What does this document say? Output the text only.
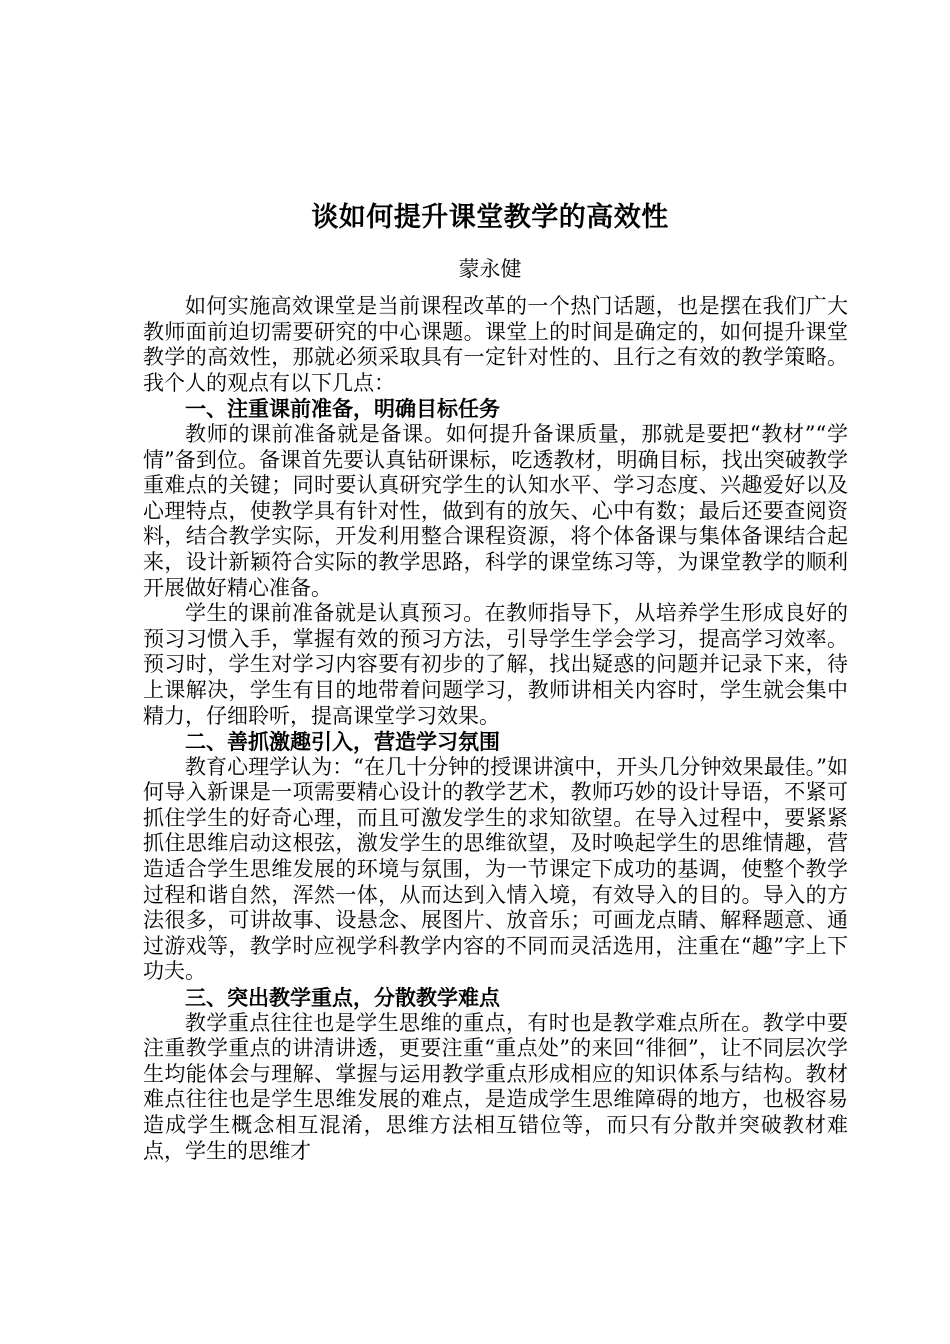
谈如何提升课堂教学的高效性
蒙永健

如何实施高效课堂是当前课程改革的一个热门话题，也是摆在我们广大教师面前迫切需要研究的中心课题。课堂上的时间是确定的，如何提升课堂教学的高效性，那就必须采取具有一定针对性的、且行之有效的教学策略。我个人的观点有以下几点：

一、注重课前准备，明确目标任务

教师的课前准备就是备课。如何提升备课质量，那就是要把“教材”“学情”备到位。备课首先要认真钻研课标，吃透教材，明确目标，找出突破教学重难点的关键；同时要认真研究学生的认知水平、学习态度、兴趣爱好以及心理特点，使教学具有针对性，做到有的放矢、心中有数；最后还要查阅资料，结合教学实际，开发利用整合课程资源，将个体备课与集体备课结合起来，设计新颖符合实际的教学思路，科学的课堂练习等，为课堂教学的顺利开展做好精心准备。

学生的课前准备就是认真预习。在教师指导下，从培养学生形成良好的预习习惯入手，掌握有效的预习方法，引导学生学会学习，提高学习效率。预习时，学生对学习内容要有初步的了解，找出疑惑的问题并记录下来，待上课解决，学生有目的地带着问题学习，教师讲相关内容时，学生就会集中精力，仔细聆听，提高课堂学习效果。

二、善抓激趣引入，营造学习氛围

教育心理学认为：“在几十分钟的授课讲演中，开头几分钟效果最佳。”如何导入新课是一项需要精心设计的教学艺术，教师巧妙的设计导语，不紧可抓住学生的好奇心理，而且可激发学生的求知欲望。在导入过程中，要紧紧抓住思维启动这根弦，激发学生的思维欲望，及时唤起学生的思维情趣，营造适合学生思维发展的环境与氛围，为一节课定下成功的基调，使整个教学过程和谐自然，浑然一体，从而达到入情入境，有效导入的目的。导入的方法很多，可讲故事、设悬念、展图片、放音乐；可画龙点睛、解释题意、通过游戏等，教学时应视学科教学内容的不同而灵活选用，注重在“趣”字上下功夫。

三、突出教学重点，分散教学难点

教学重点往往也是学生思维的重点，有时也是教学难点所在。教学中要注重教学重点的讲清讲透，更要注重“重点处”的来回“徘徊”，让不同层次学生均能体会与理解、掌握与运用教学重点形成相应的知识体系与结构。教材难点往往也是学生思维发展的难点，是造成学生思维障碍的地方，也极容易造成学生概念相互混淆，思维方法相互错位等，而只有分散并突破教材难点，学生的思维才
